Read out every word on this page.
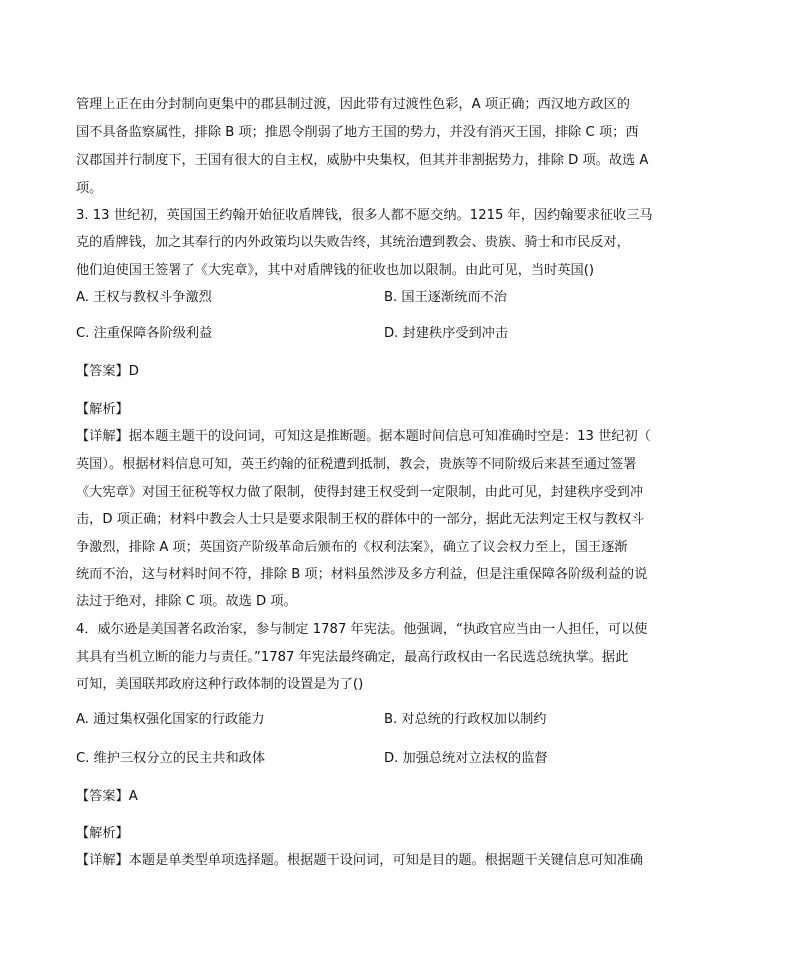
管理上正在由分封制向更集中的郡县制过渡，因此带有过渡性色彩，A 项正确；西汉地方政区的
国不具备监察属性，排除 B 项；推恩令削弱了地方王国的势力，并没有消灭王国，排除 C 项；西
汉郡国并行制度下，王国有很大的自主权，威胁中央集权，但其并非割据势力，排除 D 项。故选 A
项。
3. 13 世纪初，英国国王约翰开始征收盾牌钱，很多人都不愿交纳。1215 年，因约翰要求征收三马
克的盾牌钱，加之其奉行的内外政策均以失败告终，其统治遭到教会、贵族、骑士和市民反对，
他们迫使国王签署了《大宪章》，其中对盾牌钱的征收也加以限制。由此可见，当时英国()
A. 王权与教权斗争激烈	B. 国王逐渐统而不治
C. 注重保障各阶级利益	D. 封建秩序受到冲击
【答案】D
【解析】
【详解】据本题主题干的设问词，可知这是推断题。据本题时间信息可知准确时空是：13 世纪初（
英国）。根据材料信息可知，英王约翰的征税遭到抵制，教会，贵族等不同阶级后来甚至通过签署
《大宪章》对国王征税等权力做了限制，使得封建王权受到一定限制，由此可见，封建秩序受到冲
击，D 项正确；材料中教会人士只是要求限制王权的群体中的一部分，据此无法判定王权与教权斗
争激烈，排除 A 项；英国资产阶级革命后颁布的《权利法案》，确立了议会权力至上，国王逐渐
统而不治，这与材料时间不符，排除 B 项；材料虽然涉及多方利益，但是注重保障各阶级利益的说
法过于绝对，排除 C 项。故选 D 项。
4．威尔逊是美国著名政治家，参与制定 1787 年宪法。他强调，“执政官应当由一人担任，可以使
其具有当机立断的能力与责任。”1787 年宪法最终确定，最高行政权由一名民选总统执掌。据此
可知，美国联邦政府这种行政体制的设置是为了()
A. 通过集权强化国家的行政能力	B. 对总统的行政权加以制约
C. 维护三权分立的民主共和政体	D. 加强总统对立法权的监督
【答案】A
【解析】
【详解】本题是单类型单项选择题。根据题干设问词，可知是目的题。根据题干关键信息可知准确
